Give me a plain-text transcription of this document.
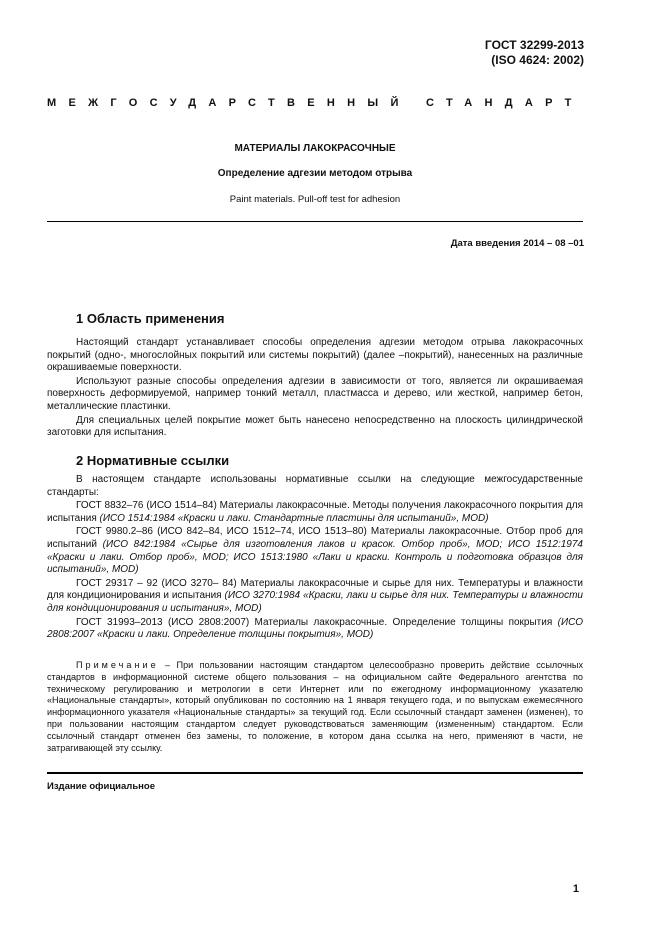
ГОСТ 32299-2013
(ISO 4624: 2002)
МЕЖГОСУДАРСТВЕННЫЙ СТАНДАРТ
МАТЕРИАЛЫ ЛАКОКРАСОЧНЫЕ
Определение адгезии методом отрыва
Paint materials. Pull-off test for adhesion
Дата введения 2014 – 08 –01
1 Область применения

Настоящий стандарт устанавливает способы определения адгезии методом отрыва лакокрасочных покрытий (одно-, многослойных покрытий или системы покрытий) (далее –покрытий), нанесенных на различные окрашиваемые поверхности.

Используют разные способы определения адгезии в зависимости от того, является ли окрашиваемая поверхность деформируемой, например тонкий металл, пластмасса и дерево, или жесткой, например бетон, металлические пластинки.

Для специальных целей покрытие может быть нанесено непосредственно на плоскость цилиндрической заготовки для испытания.

2 Нормативные ссылки

В настоящем стандарте использованы нормативные ссылки на следующие межгосударственные стандарты:

ГОСТ 8832–76 (ИСО 1514–84) Материалы лакокрасочные. Методы получения лакокрасочного покрытия для испытания (ИСО 1514:1984 «Краски и лаки. Стандартные пластины для испытаний», MOD)

ГОСТ 9980.2–86 (ИСО 842–84, ИСО 1512–74, ИСО 1513–80) Материалы лакокрасочные. Отбор проб для испытаний (ИСО 842:1984 «Сырье для изготовления лаков и красок. Отбор проб», MOD; ИСО 1512:1974 «Краски и лаки. Отбор проб», MOD; ИСО 1513:1980 «Лаки и краски. Контроль и подготовка образцов для испытаний», MOD)

ГОСТ 29317 – 92 (ИСО 3270– 84) Материалы лакокрасочные и сырье для них. Температуры и влажности для кондиционирования и испытания (ИСО 3270:1984 «Краски, лаки и сырье для них. Температуры и влажности для кондиционирования и испытания», MOD)

ГОСТ 31993–2013 (ИСО 2808:2007) Материалы лакокрасочные. Определение толщины покрытия (ИСО 2808:2007 «Краски и лаки. Определение толщины покрытия», MOD)

Примечание – При пользовании настоящим стандартом целесообразно проверить действие ссылочных стандартов в информационной системе общего пользования – на официальном сайте Федерального агентства по техническому регулированию и метрологии в сети Интернет или по ежегодному информационному указателю «Национальные стандарты», который опубликован по состоянию на 1 января текущего года, и по выпускам ежемесячного информационного указателя «Национальные стандарты» за текущий год. Если ссылочный стандарт заменен (изменен), то при пользовании настоящим стандартом следует руководствоваться заменяющим (измененным) стандартом. Если ссылочный стандарт отменен без замены, то положение, в котором дана ссылка на него, применяют в части, не затрагивающей эту ссылку.
Издание официальное
1
